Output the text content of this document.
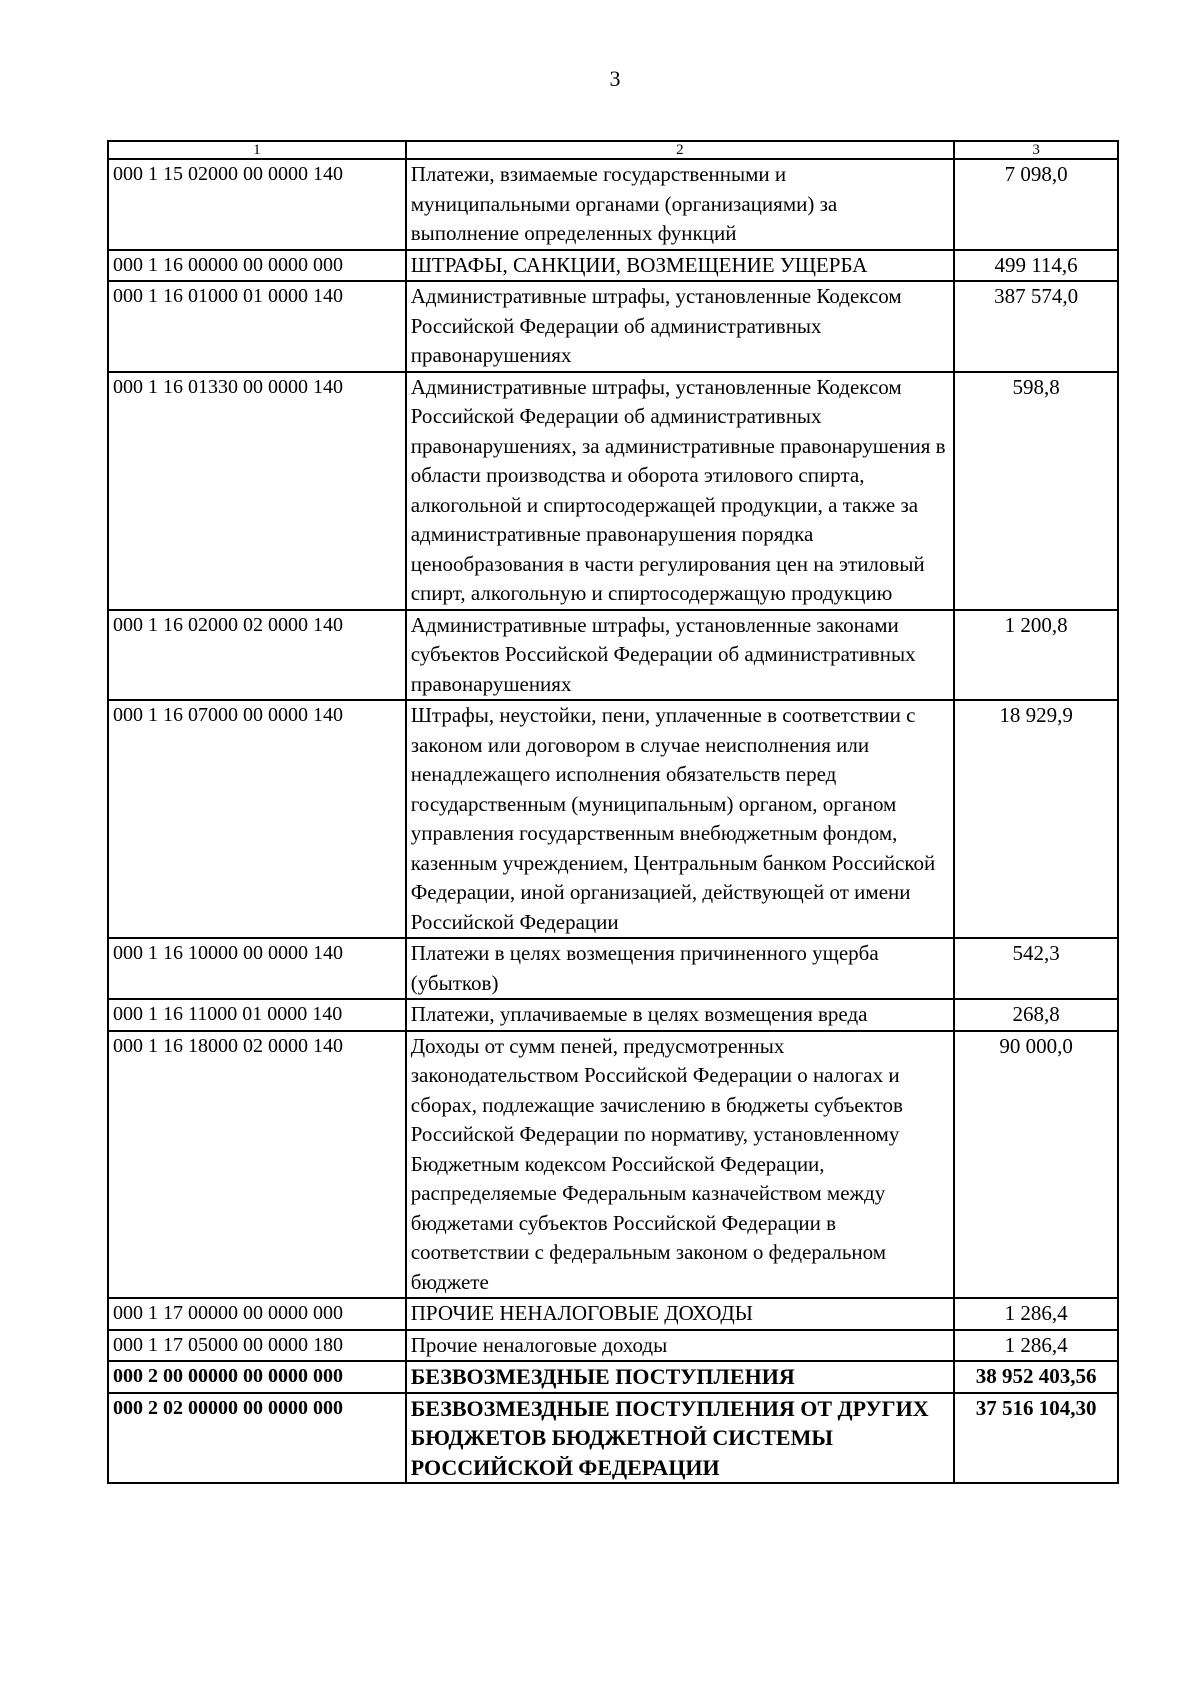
3
1	2	3
000 1 15 02000 00 0000 140	Платежи, взимаемые государственными и муниципальными органами (организациями) за выполнение определенных функций	7 098,0
000 1 16 00000 00 0000 000	ШТРАФЫ, САНКЦИИ, ВОЗМЕЩЕНИЕ УЩЕРБА	499 114,6
000 1 16 01000 01 0000 140	Административные штрафы, установленные Кодексом Российской Федерации об административных правонарушениях	387 574,0
000 1 16 01330 00 0000 140	Административные штрафы, установленные Кодексом Российской Федерации об административных правонарушениях, за административные правонарушения в области производства и оборота этилового спирта, алкогольной и спиртосодержащей продукции, а также за административные правонарушения порядка ценообразования в части регулирования цен на этиловый спирт, алкогольную и спиртосодержащую продукцию	598,8
000 1 16 02000 02 0000 140	Административные штрафы, установленные законами субъектов Российской Федерации об административных правонарушениях	1 200,8
000 1 16 07000 00 0000 140	Штрафы, неустойки, пени, уплаченные в соответствии с законом или договором в случае неисполнения или ненадлежащего исполнения обязательств перед государственным (муниципальным) органом, органом управления государственным внебюджетным фондом, казенным учреждением, Центральным банком Российской Федерации, иной организацией, действующей от имени Российской Федерации	18 929,9
000 1 16 10000 00 0000 140	Платежи в целях возмещения причиненного ущерба (убытков)	542,3
000 1 16 11000 01 0000 140	Платежи, уплачиваемые в целях возмещения вреда	268,8
000 1 16 18000 02 0000 140	Доходы от сумм пеней, предусмотренных законодательством Российской Федерации о налогах и сборах, подлежащие зачислению в бюджеты субъектов Российской Федерации по нормативу, установленному Бюджетным кодексом Российской Федерации, распределяемые Федеральным казначейством между бюджетами субъектов Российской Федерации в соответствии с федеральным законом о федеральном бюджете	90 000,0
000 1 17 00000 00 0000 000	ПРОЧИЕ НЕНАЛОГОВЫЕ ДОХОДЫ	1 286,4
000 1 17 05000 00 0000 180	Прочие неналоговые доходы	1 286,4
000 2 00 00000 00 0000 000	БЕЗВОЗМЕЗДНЫЕ ПОСТУПЛЕНИЯ	38 952 403,56
000 2 02 00000 00 0000 000	БЕЗВОЗМЕЗДНЫЕ ПОСТУПЛЕНИЯ ОТ ДРУГИХ БЮДЖЕТОВ БЮДЖЕТНОЙ СИСТЕМЫ РОССИЙСКОЙ ФЕДЕРАЦИИ	37 516 104,30
